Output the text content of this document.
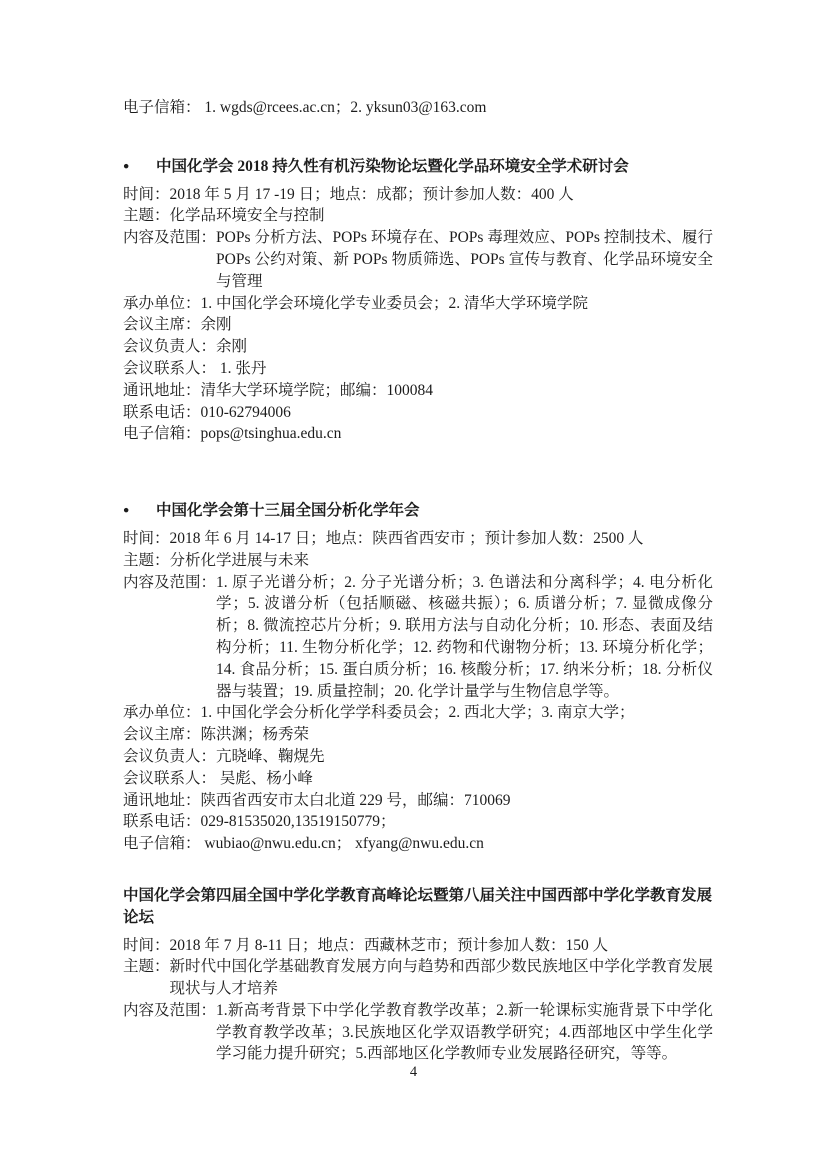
电子信箱： 1. wgds@rcees.ac.cn；2. yksun03@163.com
●	中国化学会 2018 持久性有机污染物论坛暨化学品环境安全学术研讨会
时间： 2018 年 5 月 17 -19 日；地点：成都；预计参加人数：400 人
主题： 化学品环境安全与控制
内容及范围： POPs 分析方法、POPs 环境存在、POPs 毒理效应、POPs 控制技术、履行 POPs 公约对策、新 POPs 物质筛选、POPs 宣传与教育、化学品环境安全与管理
承办单位： 1. 中国化学会环境化学专业委员会；2. 清华大学环境学院
会议主席： 余刚
会议负责人： 余刚
会议联系人： 1. 张丹
通讯地址： 清华大学环境学院；邮编：100084
联系电话： 010-62794006
电子信箱： pops@tsinghua.edu.cn
●	中国化学会第十三届全国分析化学年会
时间： 2018 年 6 月 14-17 日；地点：陕西省西安市 ；预计参加人数：2500 人
主题： 分析化学进展与未来
内容及范围： 1. 原子光谱分析；2. 分子光谱分析；3. 色谱法和分离科学；4. 电分析化学；5. 波谱分析（包括顺磁、核磁共振）；6. 质谱分析；7. 显微成像分析；8. 微流控芯片分析；9. 联用方法与自动化分析；10. 形态、表面及结构分析；11. 生物分析化学；12. 药物和代谢物分析；13. 环境分析化学；14. 食品分析；15. 蛋白质分析；16. 核酸分析；17. 纳米分析；18. 分析仪器与装置；19. 质量控制；20. 化学计量学与生物信息学等。
承办单位： 1. 中国化学会分析化学学科委员会；2. 西北大学；3. 南京大学；
会议主席： 陈洪渊；杨秀荣
会议负责人： 亢晓峰、鞠熀先
会议联系人： 吴彪、杨小峰
通讯地址： 陕西省西安市太白北道 229 号，邮编：710069
联系电话： 029-81535020,13519150779；
电子信箱： wubiao@nwu.edu.cn； xfyang@nwu.edu.cn
中国化学会第四届全国中学化学教育高峰论坛暨第八届关注中国西部中学化学教育发展论坛
时间： 2018 年 7 月 8-11 日；地点：西藏林芝市；预计参加人数：150 人
主题： 新时代中国化学基础教育发展方向与趋势和西部少数民族地区中学化学教育发展现状与人才培养
内容及范围： 1.新高考背景下中学化学教育教学改革；2.新一轮课标实施背景下中学化学教育教学改革；3.民族地区化学双语教学研究；4.西部地区中学生化学学习能力提升研究；5.西部地区化学教师专业发展路径研究，等等。
4
